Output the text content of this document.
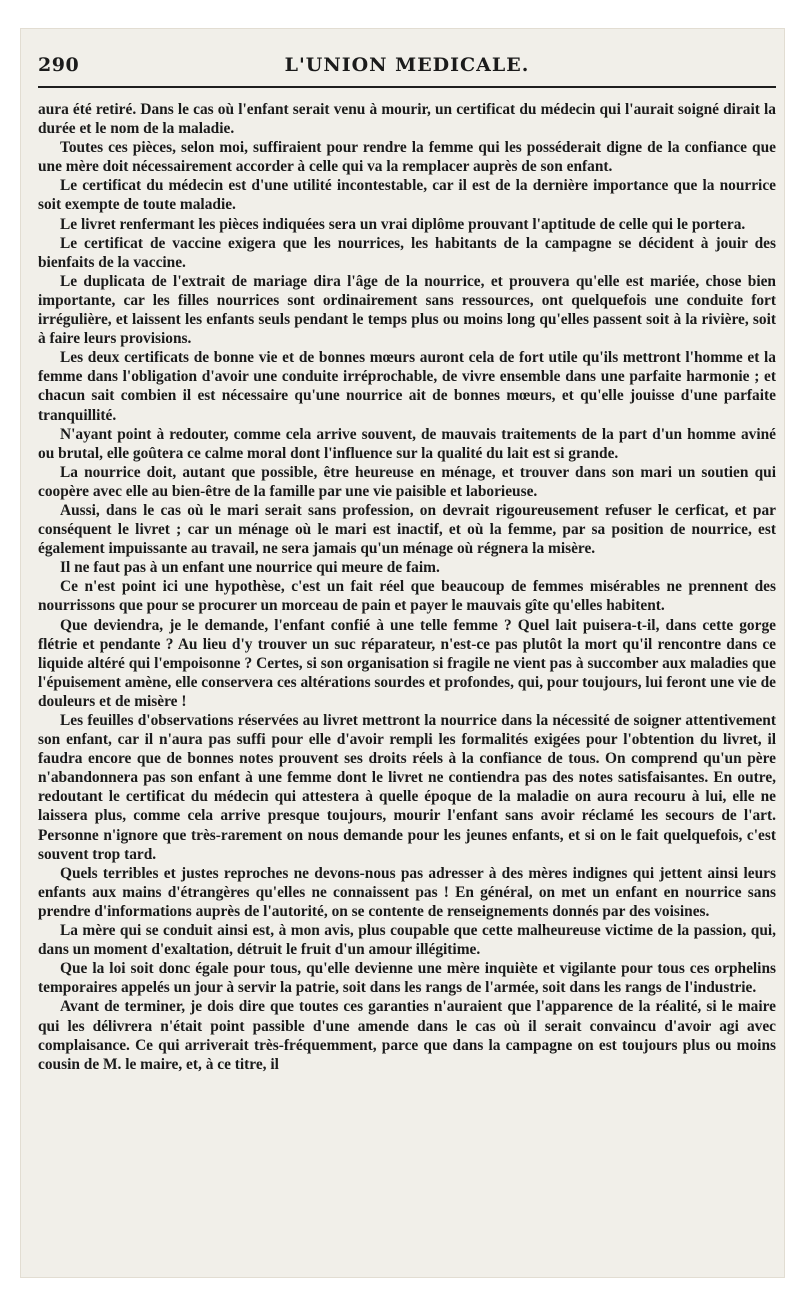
290	L'UNION MEDICALE.

aura été retiré. Dans le cas où l'enfant serait venu à mourir, un certificat du médecin qui l'aurait soigné dirait la durée et le nom de la maladie.

Toutes ces pièces, selon moi, suffiraient pour rendre la femme qui les posséderait digne de la confiance que une mère doit nécessairement accorder à celle qui va la remplacer auprès de son enfant.

Le certificat du médecin est d'une utilité incontestable, car il est de la dernière importance que la nourrice soit exempte de toute maladie.

Le livret renfermant les pièces indiquées sera un vrai diplôme prouvant l'aptitude de celle qui le portera.

Le certificat de vaccine exigera que les nourrices, les habitants de la campagne se décident à jouir des bienfaits de la vaccine.

Le duplicata de l'extrait de mariage dira l'âge de la nourrice, et prouvera qu'elle est mariée, chose bien importante, car les filles nourrices sont ordinairement sans ressources, ont quelquefois une conduite fort irrégulière, et laissent les enfants seuls pendant le temps plus ou moins long qu'elles passent soit à la rivière, soit à faire leurs provisions.

Les deux certificats de bonne vie et de bonnes mœurs auront cela de fort utile qu'ils mettront l'homme et la femme dans l'obligation d'avoir une conduite irréprochable, de vivre ensemble dans une parfaite harmonie ; et chacun sait combien il est nécessaire qu'une nourrice ait de bonnes mœurs, et qu'elle jouisse d'une parfaite tranquillité.

N'ayant point à redouter, comme cela arrive souvent, de mauvais traitements de la part d'un homme aviné ou brutal, elle goûtera ce calme moral dont l'influence sur la qualité du lait est si grande.

La nourrice doit, autant que possible, être heureuse en ménage, et trouver dans son mari un soutien qui coopère avec elle au bien-être de la famille par une vie paisible et laborieuse.

Aussi, dans le cas où le mari serait sans profession, on devrait rigoureusement refuser le cerficat, et par conséquent le livret ; car un ménage où le mari est inactif, et où la femme, par sa position de nourrice, est également impuissante au travail, ne sera jamais qu'un ménage où régnera la misère.

Il ne faut pas à un enfant une nourrice qui meure de faim.

Ce n'est point ici une hypothèse, c'est un fait réel que beaucoup de femmes misérables ne prennent des nourrissons que pour se procurer un morceau de pain et payer le mauvais gîte qu'elles habitent.

Que deviendra, je le demande, l'enfant confié à une telle femme ? Quel lait puisera-t-il, dans cette gorge flétrie et pendante ? Au lieu d'y trouver un suc réparateur, n'est-ce pas plutôt la mort qu'il rencontre dans ce liquide altéré qui l'empoisonne ? Certes, si son organisation si fragile ne vient pas à succomber aux maladies que l'épuisement amène, elle conservera ces altérations sourdes et profondes, qui, pour toujours, lui feront une vie de douleurs et de misère !

Les feuilles d'observations réservées au livret mettront la nourrice dans la nécessité de soigner attentivement son enfant, car il n'aura pas suffi pour elle d'avoir rempli les formalités exigées pour l'obtention du livret, il faudra encore que de bonnes notes prouvent ses droits réels à la confiance de tous. On comprend qu'un père n'abandonnera pas son enfant à une femme dont le livret ne contiendra pas des notes satisfaisantes. En outre, redoutant le certificat du médecin qui attestera à quelle époque de la maladie on aura recouru à lui, elle ne laissera plus, comme cela arrive presque toujours, mourir l'enfant sans avoir réclamé les secours de l'art. Personne n'ignore que très-rarement on nous demande pour les jeunes enfants, et si on le fait quelquefois, c'est souvent trop tard.

Quels terribles et justes reproches ne devons-nous pas adresser à des mères indignes qui jettent ainsi leurs enfants aux mains d'étrangères qu'elles ne connaissent pas ! En général, on met un enfant en nourrice sans prendre d'informations auprès de l'autorité, on se contente de renseignements donnés par des voisines.

La mère qui se conduit ainsi est, à mon avis, plus coupable que cette malheureuse victime de la passion, qui, dans un moment d'exaltation, détruit le fruit d'un amour illégitime.

Que la loi soit donc égale pour tous, qu'elle devienne une mère inquiète et vigilante pour tous ces orphelins temporaires appelés un jour à servir la patrie, soit dans les rangs de l'armée, soit dans les rangs de l'industrie.

Avant de terminer, je dois dire que toutes ces garanties n'auraient que l'apparence de la réalité, si le maire qui les délivrera n'était point passible d'une amende dans le cas où il serait convaincu d'avoir agi avec complaisance. Ce qui arriverait très-fréquemment, parce que dans la campagne on est toujours plus ou moins cousin de M. le maire, et, à ce titre, il
